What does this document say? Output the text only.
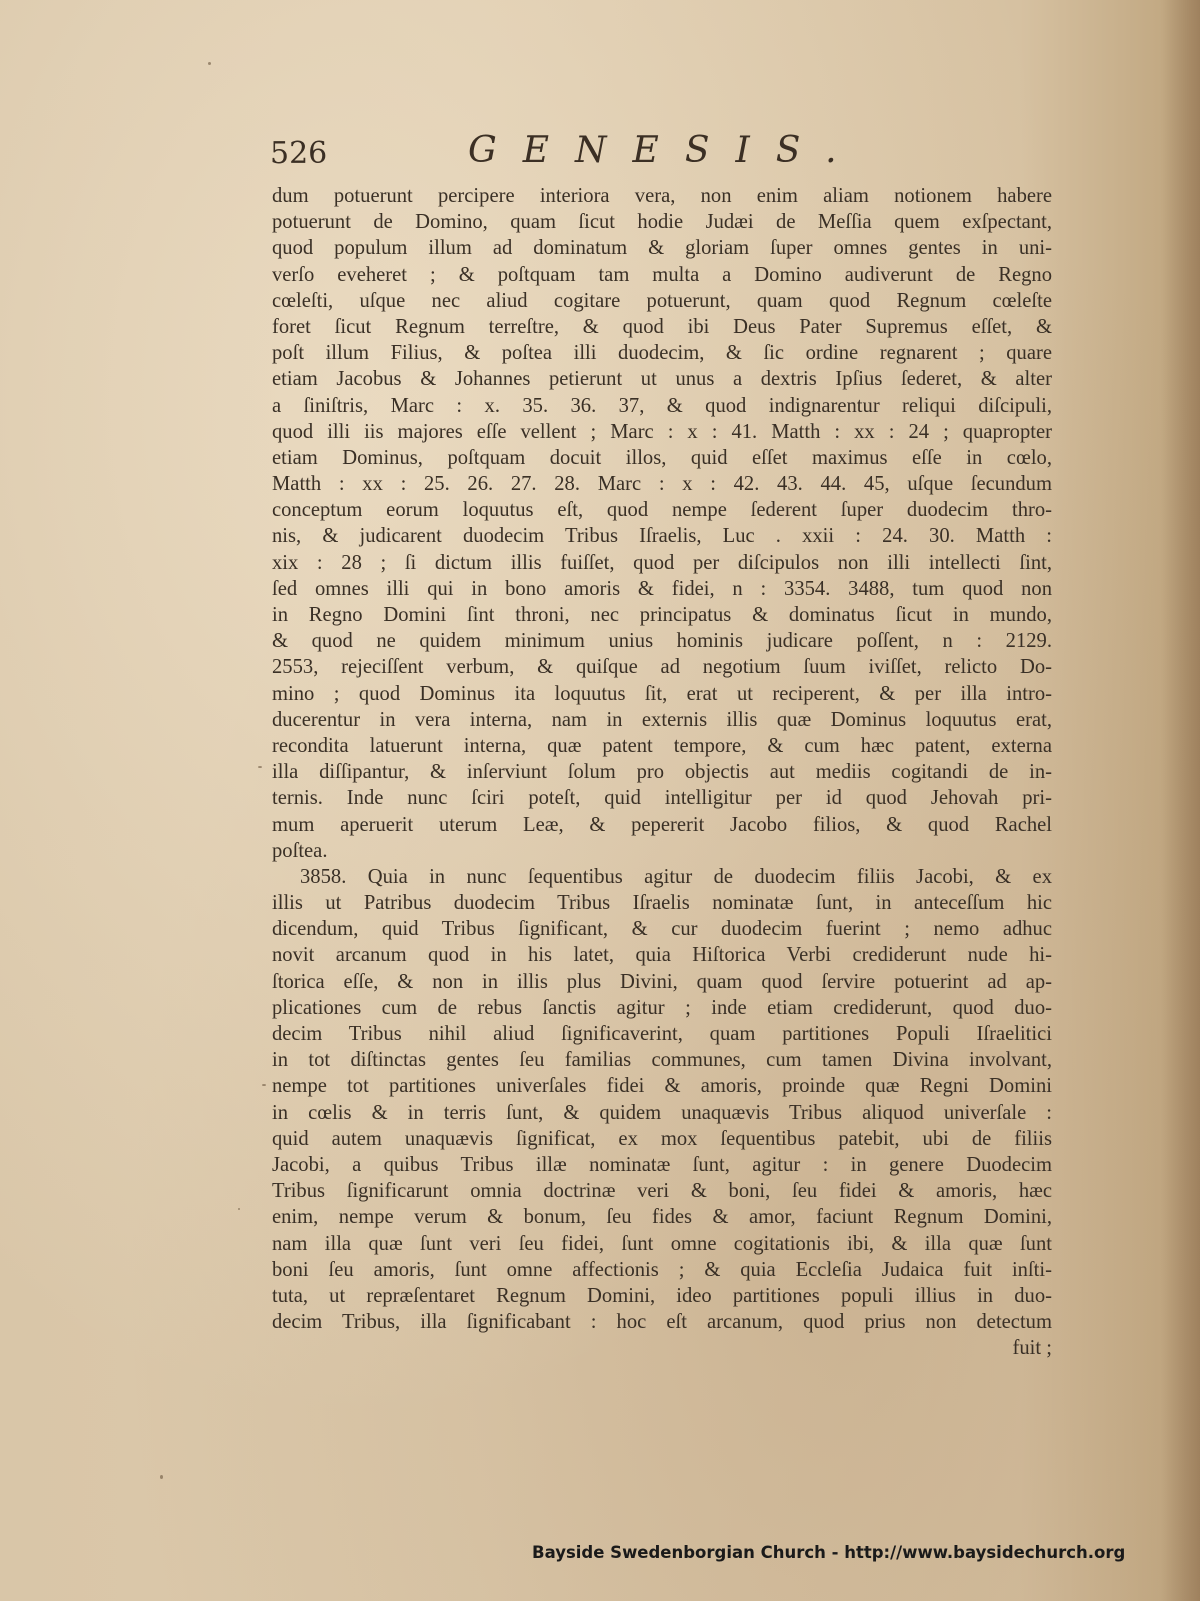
526	GENESIS.
dum potuerunt percipere interiora vera, non enim aliam notionem habere
potuerunt de Domino, quam ſicut hodie Judæi de Meſſia quem exſpectant,
quod populum illum ad dominatum & gloriam ſuper omnes gentes in uni-
verſo eveheret ; & poſtquam tam multa a Domino audiverunt de Regno
cœleſti, uſque nec aliud cogitare potuerunt, quam quod Regnum cœleſte
foret ſicut Regnum terreſtre, & quod ibi Deus Pater Supremus eſſet, &
poſt illum Filius, & poſtea illi duodecim, & ſic ordine regnarent ; quare
etiam Jacobus & Johannes petierunt ut unus a dextris Ipſius ſederet, & alter
a ſiniſtris, Marc : x. 35. 36. 37, & quod indignarentur reliqui diſcipuli,
quod illi iis majores eſſe vellent ; Marc : x : 41. Matth : xx : 24 ; quapropter
etiam Dominus, poſtquam docuit illos, quid eſſet maximus eſſe in cœlo,
Matth : xx : 25. 26. 27. 28. Marc : x : 42. 43. 44. 45, uſque ſecundum
conceptum eorum loquutus eſt, quod nempe ſederent ſuper duodecim thro-
nis, & judicarent duodecim Tribus Iſraelis, Luc . xxii : 24. 30. Matth :
xix : 28 ; ſi dictum illis fuiſſet, quod per diſcipulos non illi intellecti ſint,
ſed omnes illi qui in bono amoris & fidei, n : 3354. 3488, tum quod non
in Regno Domini ſint throni, nec principatus & dominatus ſicut in mundo,
& quod ne quidem minimum unius hominis judicare poſſent, n : 2129.
2553, rejeciſſent verbum, & quiſque ad negotium ſuum iviſſet, relicto Do-
mino ; quod Dominus ita loquutus ſit, erat ut reciperent, & per illa intro-
ducerentur in vera interna, nam in externis illis quæ Dominus loquutus erat,
recondita latuerunt interna, quæ patent tempore, & cum hæc patent, externa
illa diſſipantur, & inſerviunt ſolum pro objectis aut mediis cogitandi de in-
ternis. Inde nunc ſciri poteſt, quid intelligitur per id quod Jehovah pri-
mum aperuerit uterum Leæ, & pepererit Jacobo filios, & quod Rachel
poſtea.
3858. Quia in nunc ſequentibus agitur de duodecim filiis Jacobi, & ex
illis ut Patribus duodecim Tribus Iſraelis nominatæ ſunt, in anteceſſum hic
dicendum, quid Tribus ſignificant, & cur duodecim fuerint ; nemo adhuc
novit arcanum quod in his latet, quia Hiſtorica Verbi crediderunt nude hi-
ſtorica eſſe, & non in illis plus Divini, quam quod ſervire potuerint ad ap-
plicationes cum de rebus ſanctis agitur ; inde etiam crediderunt, quod duo-
decim Tribus nihil aliud ſignificaverint, quam partitiones Populi Iſraelitici
in tot diſtinctas gentes ſeu familias communes, cum tamen Divina involvant,
nempe tot partitiones univerſales fidei & amoris, proinde quæ Regni Domini
in cœlis & in terris ſunt, & quidem unaquævis Tribus aliquod univerſale :
quid autem unaquævis ſignificat, ex mox ſequentibus patebit, ubi de filiis
Jacobi, a quibus Tribus illæ nominatæ ſunt, agitur : in genere Duodecim
Tribus ſignificarunt omnia doctrinæ veri & boni, ſeu fidei & amoris, hæc
enim, nempe verum & bonum, ſeu fides & amor, faciunt Regnum Domini,
nam illa quæ ſunt veri ſeu fidei, ſunt omne cogitationis ibi, & illa quæ ſunt
boni ſeu amoris, ſunt omne affectionis ; & quia Eccleſia Judaica fuit inſti-
tuta, ut repræſentaret Regnum Domini, ideo partitiones populi illius in duo-
decim Tribus, illa ſignificabant : hoc eſt arcanum, quod prius non detectum
fuit ;
Bayside Swedenborgian Church - http://www.baysidechurch.org
